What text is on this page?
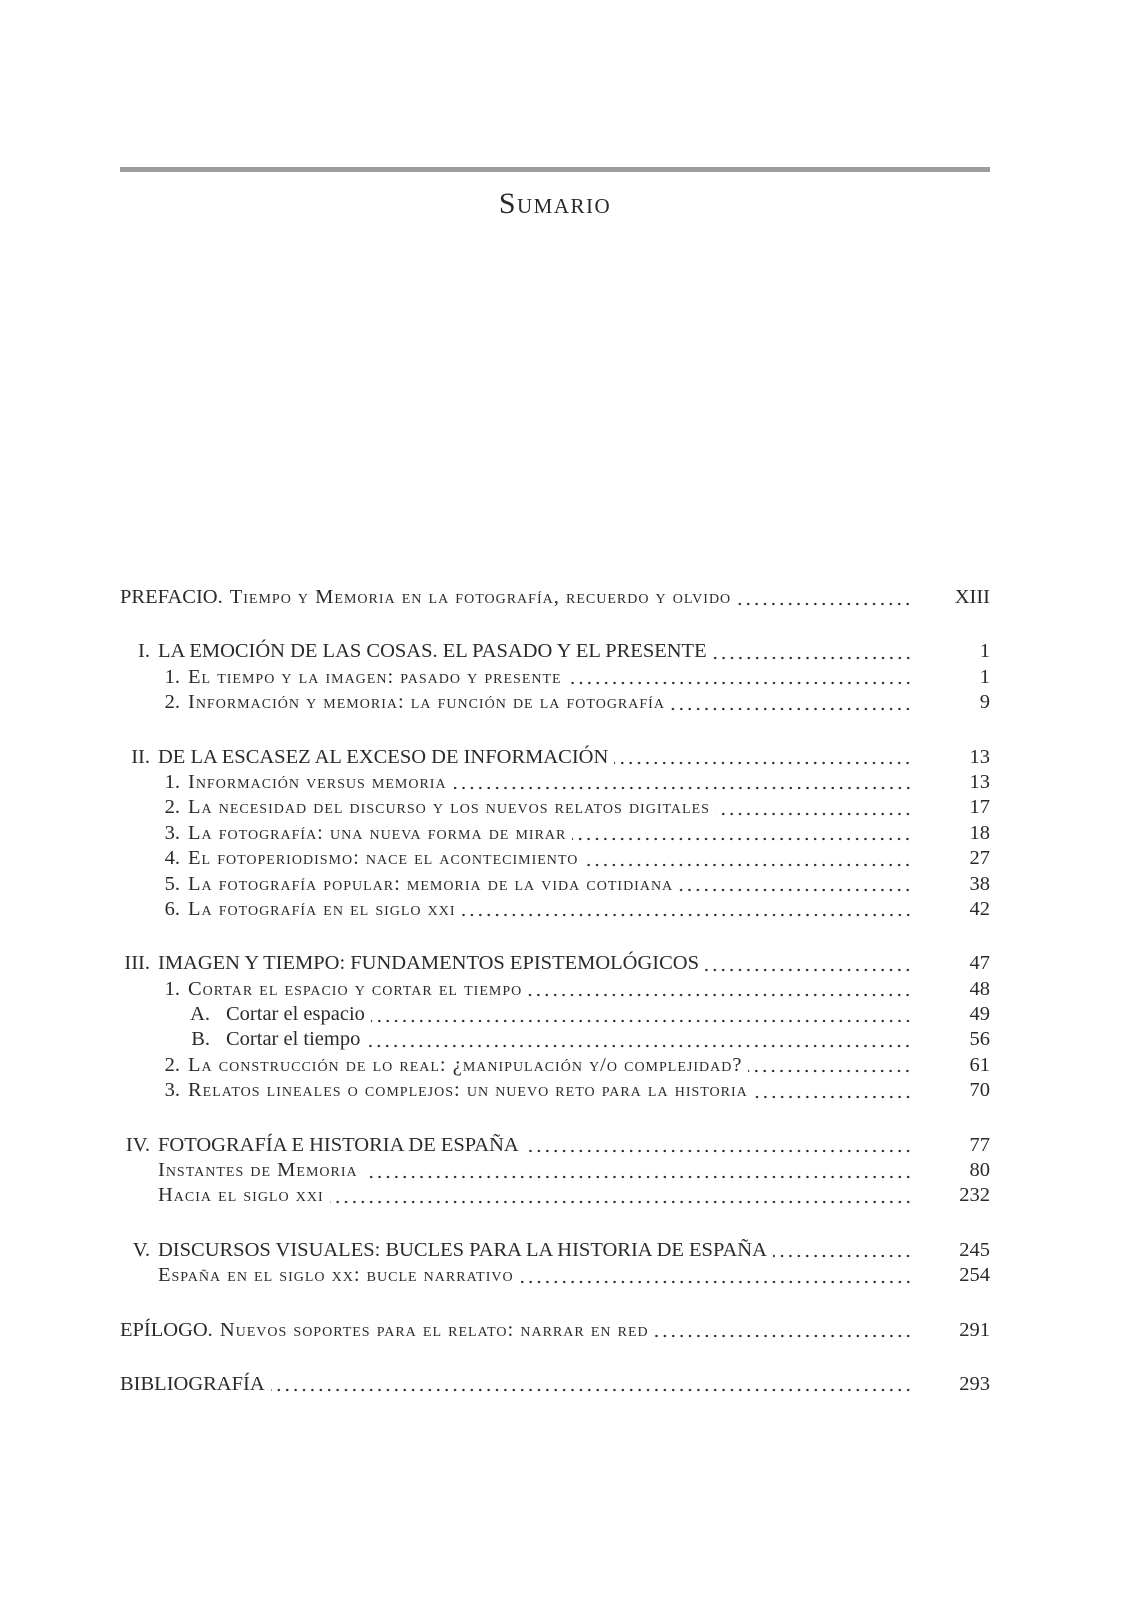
Sumario
PREFACIO. Tiempo y Memoria en la fotografía, recuerdo y olvido	XIII
I. LA EMOCIÓN DE LAS COSAS. EL PASADO Y EL PRESENTE	1
1. El tiempo y la imagen: pasado y presente	1
2. Información y memoria: la función de la fotografía	9
II. DE LA ESCASEZ AL EXCESO DE INFORMACIÓN	13
1. Información versus memoria	13
2. La necesidad del discurso y los nuevos relatos digitales	17
3. La fotografía: una nueva forma de mirar	18
4. El fotoperiodismo: nace el acontecimiento	27
5. La fotografía popular: memoria de la vida cotidiana	38
6. La fotografía en el siglo xxi	42
III. IMAGEN Y TIEMPO: FUNDAMENTOS EPISTEMOLÓGICOS	47
1. Cortar el espacio y cortar el tiempo	48
A. Cortar el espacio	49
B. Cortar el tiempo	56
2. La construcción de lo real: ¿manipulación y/o complejidad?	61
3. Relatos lineales o complejos: un nuevo reto para la historia	70
IV. FOTOGRAFÍA E HISTORIA DE ESPAÑA	77
Instantes de Memoria	80
Hacia el siglo xxi	232
V. DISCURSOS VISUALES: BUCLES PARA LA HISTORIA DE ESPAÑA	245
España en el siglo xx: bucle narrativo	254
EPÍLOGO. Nuevos soportes para el relato: narrar en red	291
BIBLIOGRAFÍA	293
